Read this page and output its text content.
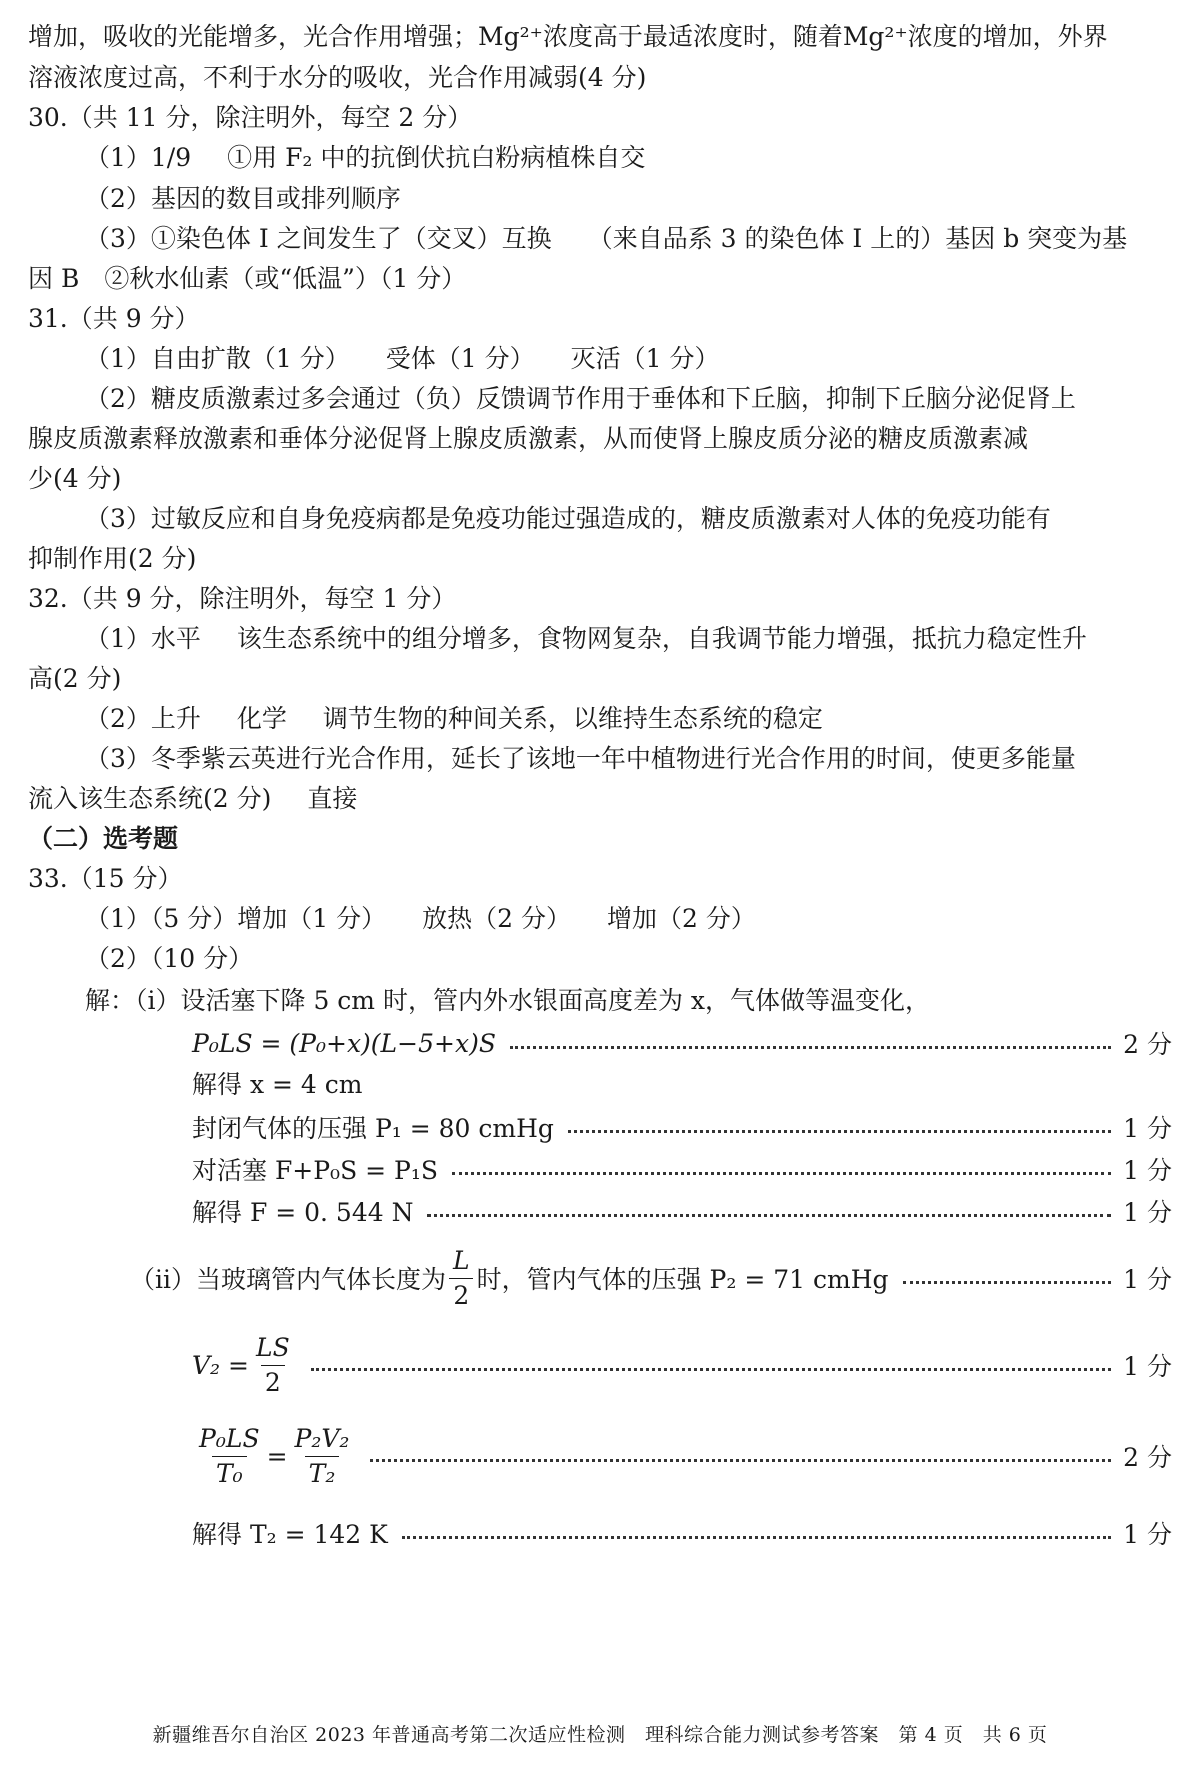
增加，吸收的光能增多，光合作用增强；Mg²⁺浓度高于最适浓度时，随着Mg²⁺浓度的增加，外界
溶液浓度过高，不利于水分的吸收，光合作用减弱(4 分)
30.（共 11 分，除注明外，每空 2 分）
（1）1/9 ①用 F₂ 中的抗倒伏抗白粉病植株自交
（2）基因的数目或排列顺序
（3）①染色体 I 之间发生了（交叉）互换 （来自品系 3 的染色体 I 上的）基因 b 突变为基
因 B　②秋水仙素（或“低温”）（1 分）
31.（共 9 分）
（1）自由扩散（1 分） 受体（1 分） 灭活（1 分）
（2）糖皮质激素过多会通过（负）反馈调节作用于垂体和下丘脑，抑制下丘脑分泌促肾上
腺皮质激素释放激素和垂体分泌促肾上腺皮质激素，从而使肾上腺皮质分泌的糖皮质激素减
少(4 分)
（3）过敏反应和自身免疫病都是免疫功能过强造成的，糖皮质激素对人体的免疫功能有
抑制作用(2 分)
32.（共 9 分，除注明外，每空 1 分）
（1）水平 该生态系统中的组分增多，食物网复杂，自我调节能力增强，抵抗力稳定性升
高(2 分)
（2）上升 化学 调节生物的种间关系，以维持生态系统的稳定
（3）冬季紫云英进行光合作用，延长了该地一年中植物进行光合作用的时间，使更多能量
流入该生态系统(2 分) 直接
（二）选考题
33.（15 分）
（1）（5 分）增加（1 分） 放热（2 分） 增加（2 分）
（2）（10 分）
解：（ⅰ）设活塞下降 5 cm 时，管内外水银面高度差为 x，气体做等温变化，
P₀LS = (P₀+x)(L−5+x)S	2 分
解得 x = 4 cm
封闭气体的压强 P₁ = 80 cmHg	1 分
对活塞 F+P₀S = P₁S	1 分
解得 F = 0. 544 N	1 分
（ⅱ）当玻璃管内气体长度为 $\frac{L}{2}$ 时，管内气体的压强 P₂ = 71 cmHg	1 分
$V_2 = \frac{LS}{2}$	1 分
$\frac{\text{P₀LS}}{\text{T₀}} = \frac{\text{P₂V₂}}{\text{T₂}}$	2 分
解得 T₂ = 142 K	1 分
新疆维吾尔自治区 2023 年普通高考第二次适应性检测　理科综合能力测试参考答案　第 4 页　共 6 页
